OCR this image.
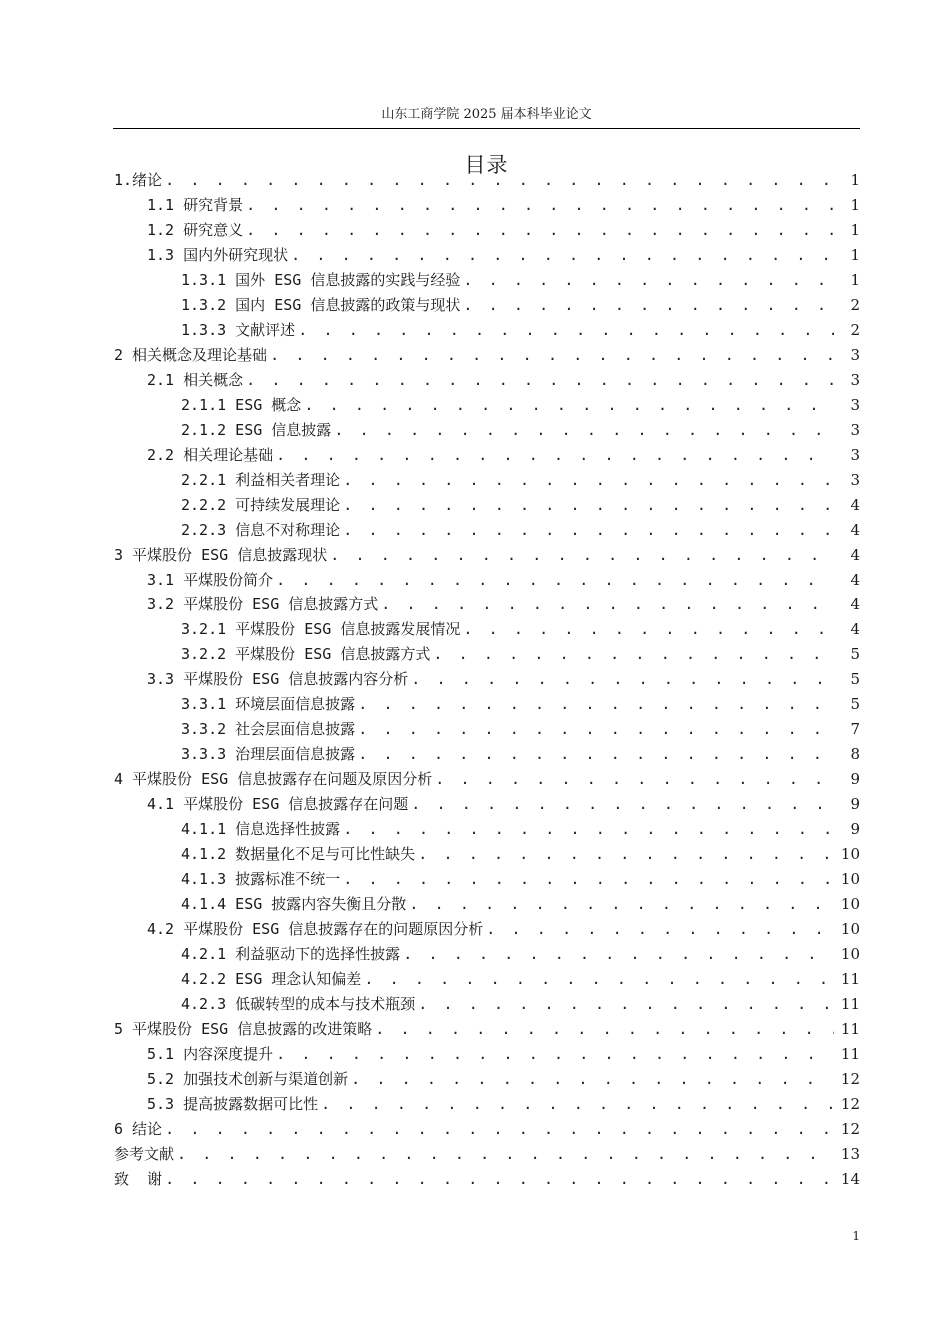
山东工商学院 2025 届本科毕业论文
目录
1.绪论 . . .	1
1.1 研究背景 . . .	1
1.2 研究意义 . . .	1
1.3 国内外研究现状 . . .	1
1.3.1 国外 ESG 信息披露的实践与经验 . . .	1
1.3.2 国内 ESG 信息披露的政策与现状 . . .	2
1.3.3 文献评述 . . .	2
2 相关概念及理论基础 . . .	3
2.1 相关概念 . . .	3
2.1.1 ESG 概念 . . .	3
2.1.2 ESG 信息披露 . . .	3
2.2 相关理论基础 . . .	3
2.2.1 利益相关者理论 . . .	3
2.2.2 可持续发展理论 . . .	4
2.2.3 信息不对称理论 . . .	4
3 平煤股份 ESG 信息披露现状 . . .	4
3.1 平煤股份简介 . . .	4
3.2 平煤股份 ESG 信息披露方式 . . .	4
3.2.1 平煤股份 ESG 信息披露发展情况 . . .	4
3.2.2 平煤股份 ESG 信息披露方式 . . .	5
3.3 平煤股份 ESG 信息披露内容分析 . . .	5
3.3.1 环境层面信息披露 . . .	5
3.3.2 社会层面信息披露 . . .	7
3.3.3 治理层面信息披露 . . .	8
4 平煤股份 ESG 信息披露存在问题及原因分析 . . .	9
4.1 平煤股份 ESG 信息披露存在问题 . . .	9
4.1.1 信息选择性披露 . . .	9
4.1.2 数据量化不足与可比性缺失 . . .	10
4.1.3 披露标准不统一 . . .	10
4.1.4 ESG 披露内容失衡且分散 . . .	10
4.2 平煤股份 ESG 信息披露存在的问题原因分析 . . .	10
4.2.1 利益驱动下的选择性披露 . . .	10
4.2.2 ESG 理念认知偏差 . . .	11
4.2.3 低碳转型的成本与技术瓶颈 . . .	11
5 平煤股份 ESG 信息披露的改进策略 . . .	11
5.1 内容深度提升 . . .	11
5.2 加强技术创新与渠道创新 . . .	12
5.3 提高披露数据可比性 . . .	12
6 结论 . . .	12
参考文献 . . .	13
致  谢 . . .	14
1
